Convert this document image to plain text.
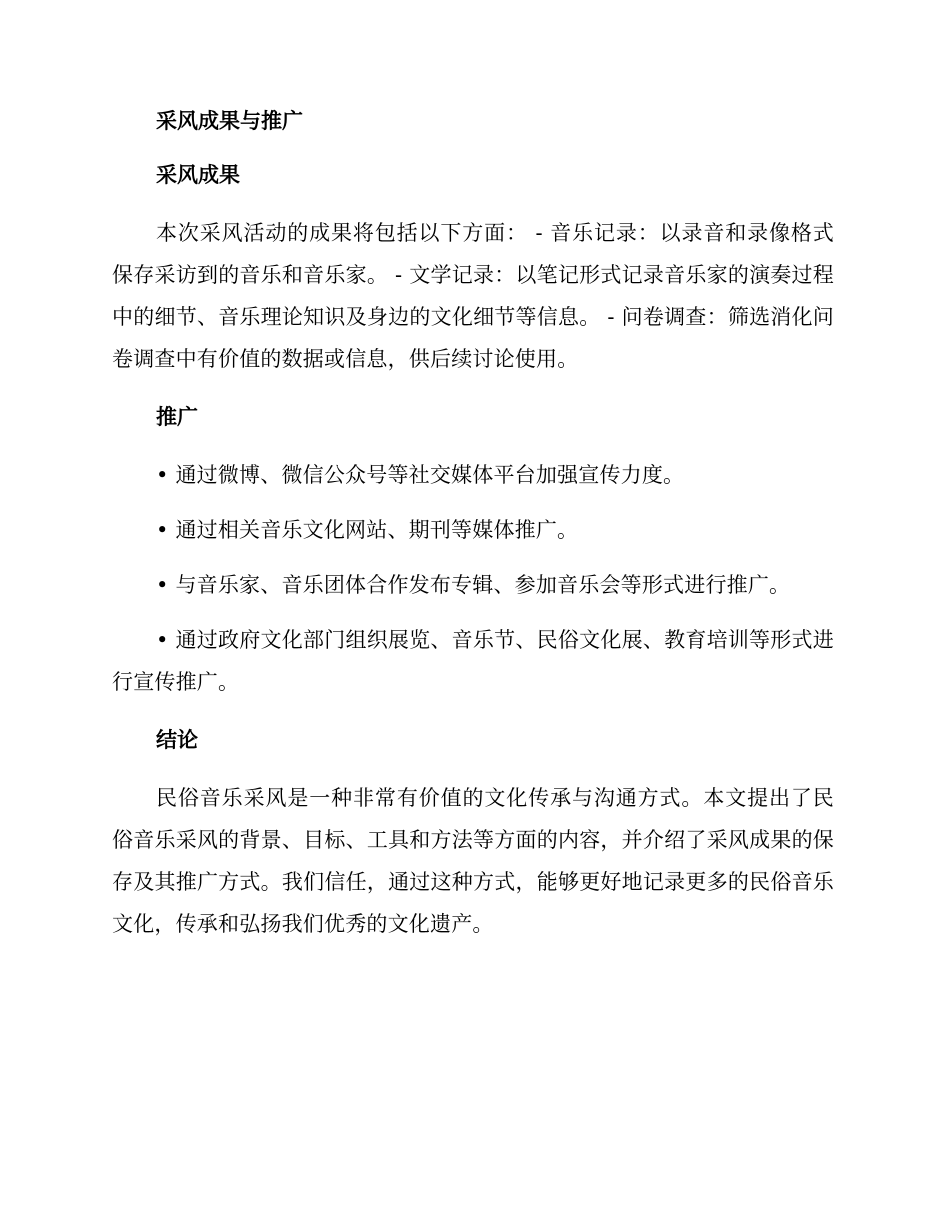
采风成果与推广
采风成果

本次采风活动的成果将包括以下方面： - 音乐记录：以录音和录像格式保存采访到的音乐和音乐家。 - 文学记录：以笔记形式记录音乐家的演奏过程中的细节、音乐理论知识及身边的文化细节等信息。 - 问卷调查：筛选消化问卷调查中有价值的数据或信息，供后续讨论使用。

推广

• 通过微博、微信公众号等社交媒体平台加强宣传力度。

• 通过相关音乐文化网站、期刊等媒体推广。

• 与音乐家、音乐团体合作发布专辑、参加音乐会等形式进行推广。

• 通过政府文化部门组织展览、音乐节、民俗文化展、教育培训等形式进行宣传推广。

结论

民俗音乐采风是一种非常有价值的文化传承与沟通方式。本文提出了民俗音乐采风的背景、目标、工具和方法等方面的内容，并介绍了采风成果的保存及其推广方式。我们信任，通过这种方式，能够更好地记录更多的民俗音乐文化，传承和弘扬我们优秀的文化遗产。
